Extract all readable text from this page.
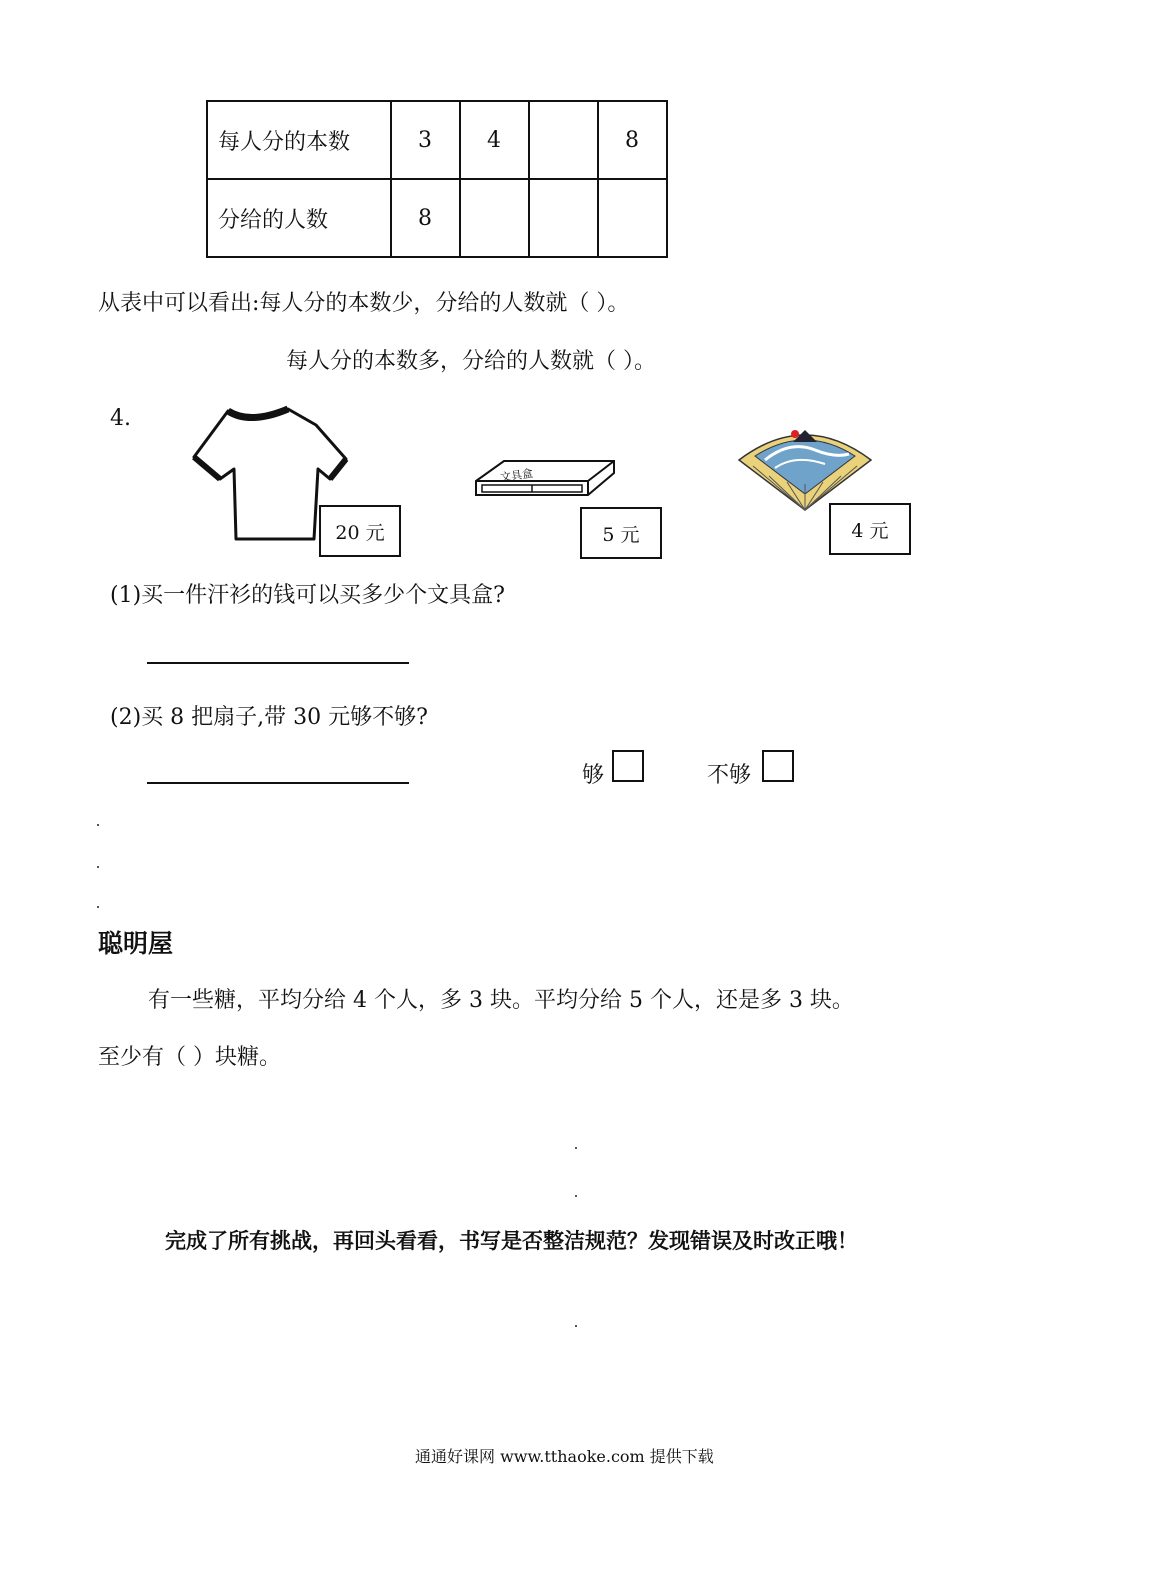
每人分的本数	3	4		8
分给的人数	8			
从表中可以看出:每人分的本数少，分给的人数就（ ）。
每人分的本数多，分给的人数就（ ）。
4.
20 元
文具盒
5 元	4 元
(1)买一件汗衫的钱可以买多少个文具盒?
(2)买 8 把扇子,带 30 元够不够?
够	不够
聪明屋
有一些糖，平均分给 4 个人，多 3 块。平均分给 5 个人，还是多 3 块。
至少有（ ）块糖。
完成了所有挑战，再回头看看，书写是否整洁规范？发现错误及时改正哦！
通通好课网 www.tthaoke.com 提供下载
